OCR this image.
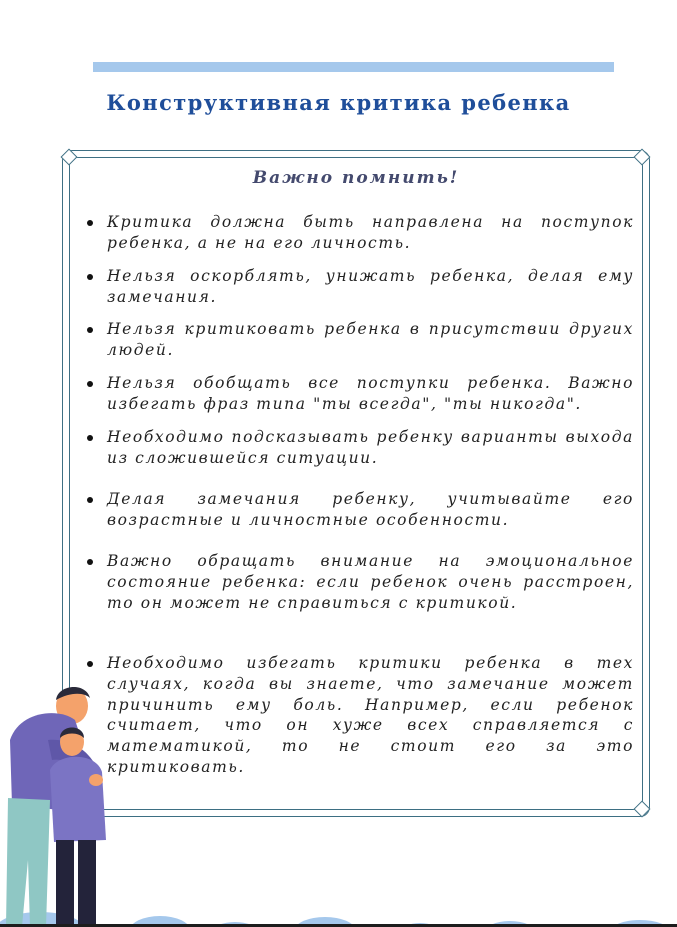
Конструктивная критика ребенка
Важно помнить!
Критика должна быть направлена на поступок ребенка, а не на его личность.
Нельзя оскорблять, унижать ребенка, делая ему замечания.
Нельзя критиковать ребенка в присутствии других людей.
Нельзя обобщать все поступки ребенка. Важно избегать фраз типа "ты всегда", "ты никогда".
Необходимо подсказывать ребенку варианты выхода из сложившейся ситуации.
Делая замечания ребенку, учитывайте его возрастные и личностные особенности.
Важно обращать внимание на эмоциональное состояние ребенка: если ребенок очень расстроен, то он может не справиться с критикой.
Необходимо избегать критики ребенка в тех случаях, когда вы знаете, что замечание может причинить ему боль. Например, если ребенок считает, что он хуже всех справляется с математикой, то не стоит его за это критиковать.
